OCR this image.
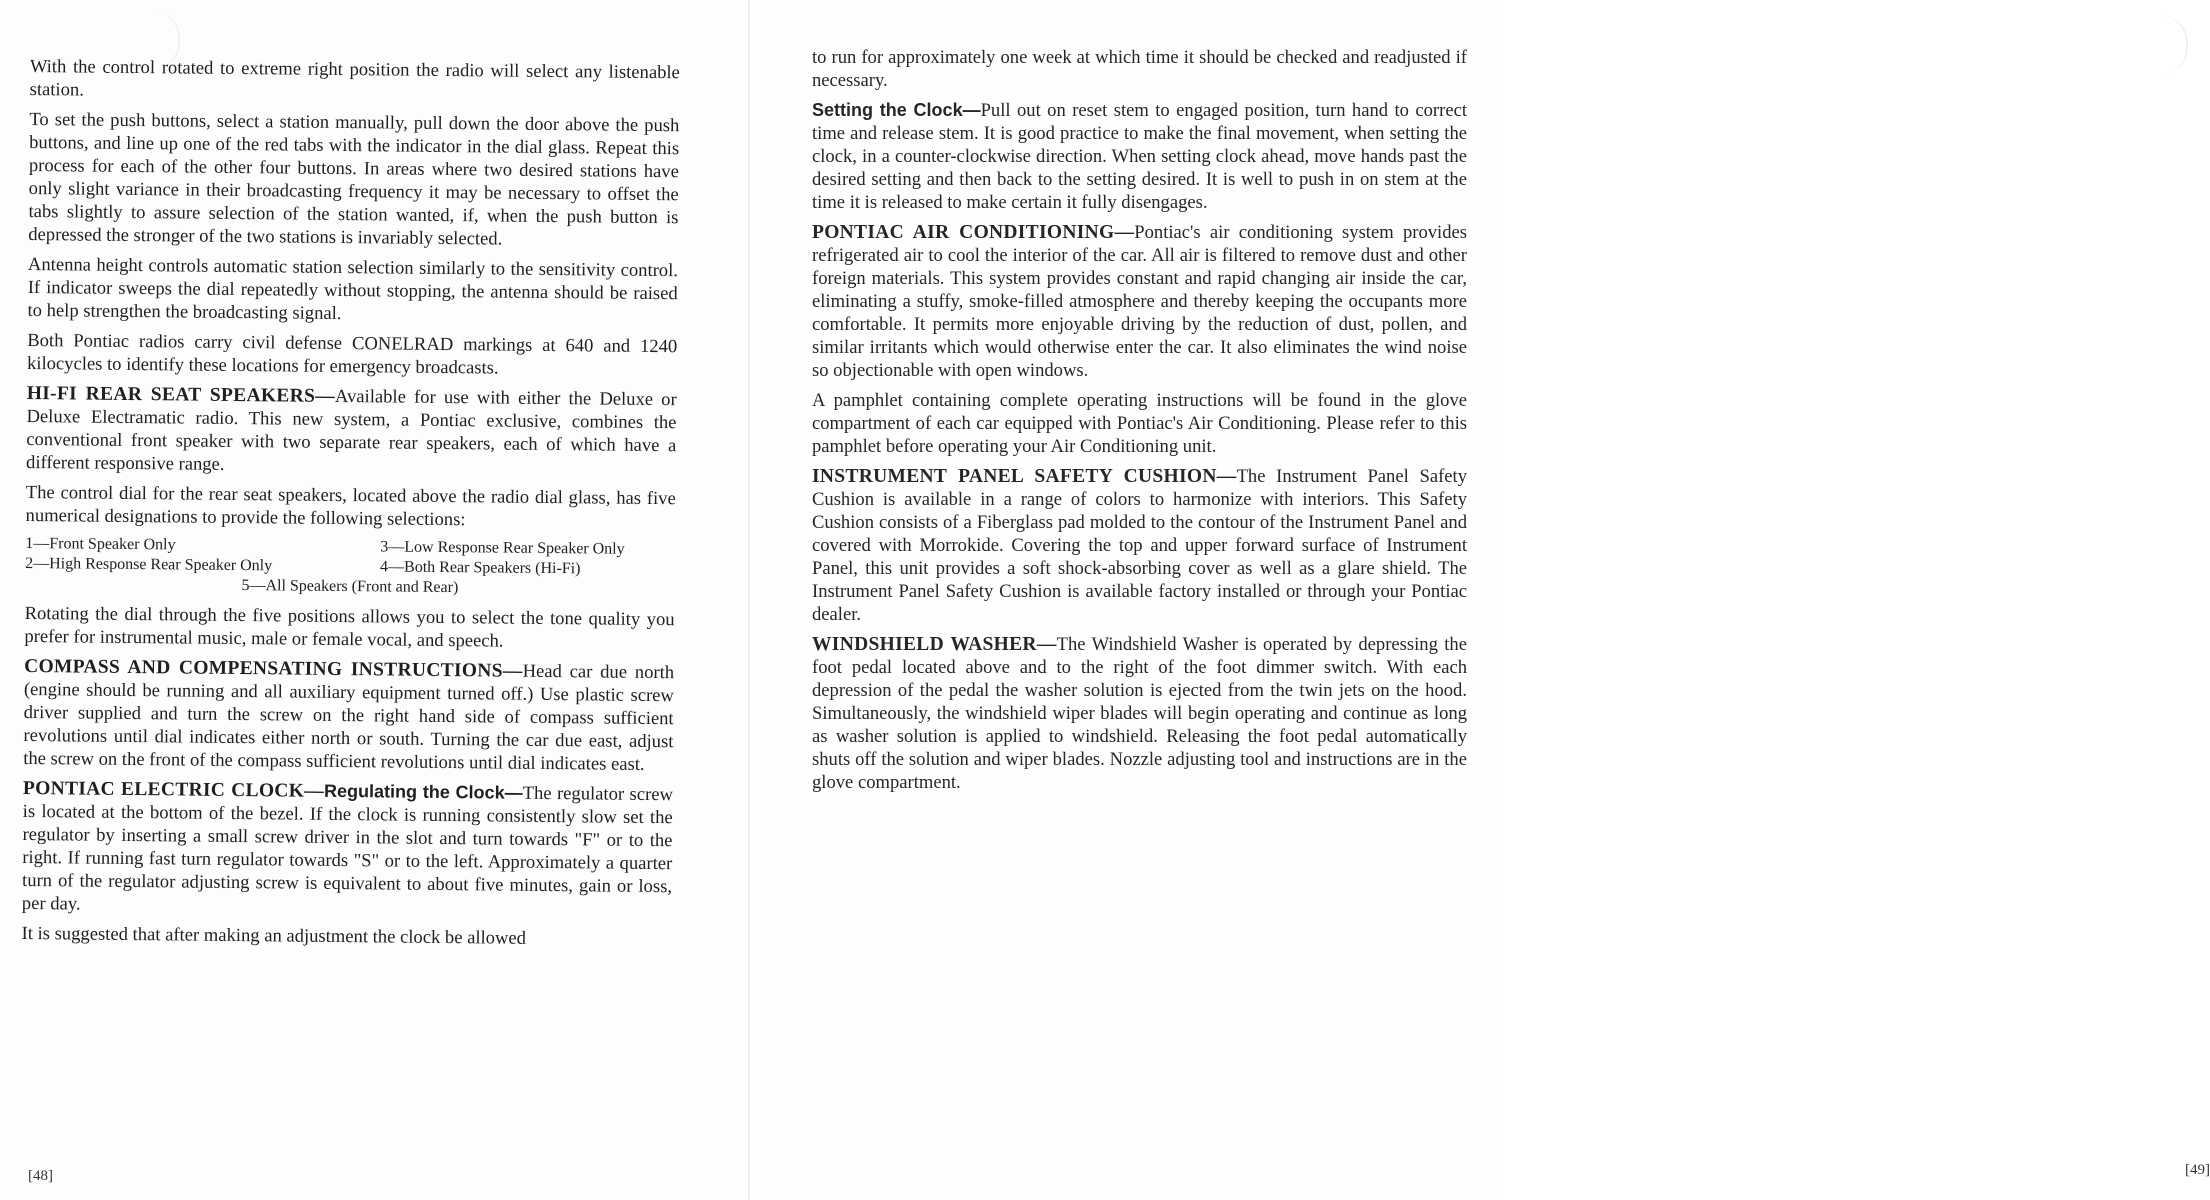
With the control rotated to extreme right position the radio will select any listenable station.

To set the push buttons, select a station manually, pull down the door above the push buttons, and line up one of the red tabs with the indicator in the dial glass. Repeat this process for each of the other four buttons. In areas where two desired stations have only slight variance in their broadcasting frequency it may be necessary to offset the tabs slightly to assure selection of the station wanted, if, when the push button is depressed the stronger of the two stations is invariably selected.

Antenna height controls automatic station selection similarly to the sensitivity control. If indicator sweeps the dial repeatedly without stopping, the antenna should be raised to help strengthen the broadcasting signal.

Both Pontiac radios carry civil defense CONELRAD markings at 640 and 1240 kilocycles to identify these locations for emergency broadcasts.

HI-FI REAR SEAT SPEAKERS—Available for use with either the Deluxe or Deluxe Electramatic radio. This new system, a Pontiac exclusive, combines the conventional front speaker with two separate rear speakers, each of which have a different responsive range.

The control dial for the rear seat speakers, located above the radio dial glass, has five numerical designations to provide the following selections:

1—Front Speaker Only	3—Low Response Rear Speaker Only
2—High Response Rear Speaker Only	4—Both Rear Speakers (Hi-Fi)
5—All Speakers (Front and Rear)

Rotating the dial through the five positions allows you to select the tone quality you prefer for instrumental music, male or female vocal, and speech.

COMPASS AND COMPENSATING INSTRUCTIONS—Head car due north (engine should be running and all auxiliary equipment turned off.) Use plastic screw driver supplied and turn the screw on the right hand side of compass sufficient revolutions until dial indicates either north or south. Turning the car due east, adjust the screw on the front of the compass sufficient revolutions until dial indicates east.

PONTIAC ELECTRIC CLOCK—Regulating the Clock—The regulator screw is located at the bottom of the bezel. If the clock is running consistently slow set the regulator by inserting a small screw driver in the slot and turn towards "F" or to the right. If running fast turn regulator towards "S" or to the left. Approximately a quarter turn of the regulator adjusting screw is equivalent to about five minutes, gain or loss, per day.

It is suggested that after making an adjustment the clock be allowed

[48]	[49]

to run for approximately one week at which time it should be checked and readjusted if necessary.

Setting the Clock—Pull out on reset stem to engaged position, turn hand to correct time and release stem. It is good practice to make the final movement, when setting the clock, in a counter-clockwise direction. When setting clock ahead, move hands past the desired setting and then back to the setting desired. It is well to push in on stem at the time it is released to make certain it fully disengages.

PONTIAC AIR CONDITIONING—Pontiac's air conditioning system provides refrigerated air to cool the interior of the car. All air is filtered to remove dust and other foreign materials. This system provides constant and rapid changing air inside the car, eliminating a stuffy, smoke-filled atmosphere and thereby keeping the occupants more comfortable. It permits more enjoyable driving by the reduction of dust, pollen, and similar irritants which would otherwise enter the car. It also eliminates the wind noise so objectionable with open windows.

A pamphlet containing complete operating instructions will be found in the glove compartment of each car equipped with Pontiac's Air Conditioning. Please refer to this pamphlet before operating your Air Conditioning unit.

INSTRUMENT PANEL SAFETY CUSHION—The Instrument Panel Safety Cushion is available in a range of colors to harmonize with interiors. This Safety Cushion consists of a Fiberglass pad molded to the contour of the Instrument Panel and covered with Morrokide. Covering the top and upper forward surface of Instrument Panel, this unit provides a soft shock-absorbing cover as well as a glare shield. The Instrument Panel Safety Cushion is available factory installed or through your Pontiac dealer.

WINDSHIELD WASHER—The Windshield Washer is operated by depressing the foot pedal located above and to the right of the foot dimmer switch. With each depression of the pedal the washer solution is ejected from the twin jets on the hood. Simultaneously, the windshield wiper blades will begin operating and continue as long as washer solution is applied to windshield. Releasing the foot pedal automatically shuts off the solution and wiper blades. Nozzle adjusting tool and instructions are in the glove compartment.
